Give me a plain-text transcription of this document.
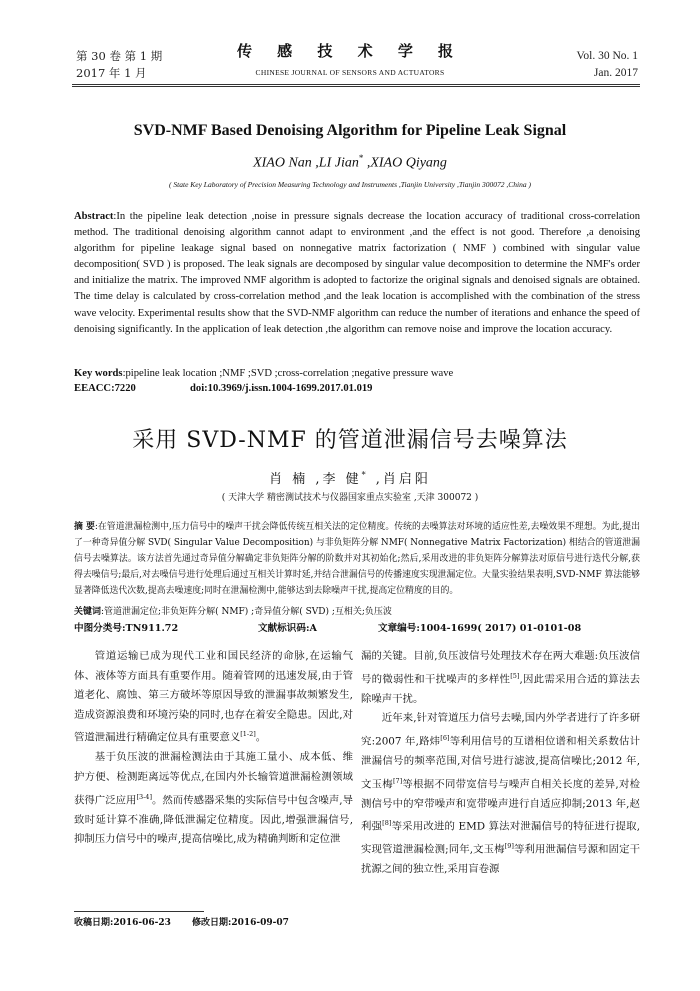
第 30 卷 第 1 期
2017 年 1 月
传 感 技 术 学 报
CHINESE JOURNAL OF SENSORS AND ACTUATORS
Vol. 30 No. 1
Jan. 2017
SVD-NMF Based Denoising Algorithm for Pipeline Leak Signal
XIAO Nan ,LI Jian* ,XIAO Qiyang
( State Key Laboratory of Precision Measuring Technology and Instruments ,Tianjin University ,Tianjin 300072 ,China )
Abstract:In the pipeline leak detection ,noise in pressure signals decrease the location accuracy of traditional cross-correlation method. The traditional denoising algorithm cannot adapt to environment ,and the effect is not good. Therefore ,a denoising algorithm for pipeline leakage signal based on nonnegative matrix factorization ( NMF ) combined with singular value decomposition( SVD ) is proposed. The leak signals are decomposed by singular value decomposition to determine the NMF's order and initialize the matrix. The improved NMF algorithm is adopted to factorize the original signals and denoised signals are obtained. The time delay is calculated by cross-correlation method ,and the leak location is accomplished with the combination of the stress wave velocity. Experimental results show that the SVD-NMF algorithm can reduce the number of iterations and enhance the speed of denoising significantly. In the application of leak detection ,the algorithm can remove noise and improve the location accuracy.
Key words:pipeline leak location ;NMF ;SVD ;cross-correlation ;negative pressure wave
EEACC:7220	doi:10.3969/j.issn.1004-1699.2017.01.019
采用 SVD-NMF 的管道泄漏信号去噪算法
肖 楠 ,李 健* ,肖启阳
( 天津大学 精密测试技术与仪器国家重点实验室 ,天津 300072 )
摘 要:在管道泄漏检测中,压力信号中的噪声干扰会降低传统互相关法的定位精度。传统的去噪算法对环境的适应性差,去噪效果不理想。为此,提出了一种奇异值分解 SVD( Singular Value Decomposition) 与非负矩阵分解 NMF( Nonnegative Matrix Factorization) 相结合的管道泄漏信号去噪算法。该方法首先通过奇异值分解确定非负矩阵分解的阶数并对其初始化;然后,采用改进的非负矩阵分解算法对原信号进行迭代分解,获得去噪信号;最后,对去噪信号进行处理后通过互相关计算时延,并结合泄漏信号的传播速度实现泄漏定位。大量实验结果表明,SVD-NMF 算法能够显著降低迭代次数,提高去噪速度;同时在泄漏检测中,能够达到去除噪声干扰,提高定位精度的目的。
关键词:管道泄漏定位;非负矩阵分解( NMF) ;奇异值分解( SVD) ;互相关;负压波
中图分类号:TN911.72	文献标识码:A	文章编号:1004-1699( 2017) 01-0101-08

管道运输已成为现代工业和国民经济的命脉,在运输气体、液体等方面具有重要作用。随着管网的迅速发展,由于管道老化、腐蚀、第三方破坏等原因导致的泄漏事故频繁发生,造成资源浪费和环境污染的同时,也存在着安全隐患。因此,对管道泄漏进行精确定位具有重要意义[1-2]。

基于负压波的泄漏检测法由于其施工量小、成本低、维护方便、检测距离远等优点,在国内外长输管道泄漏检测领域获得广泛应用[3-4]。然而传感器采集的实际信号中包含噪声,导致时延计算不准确,降低泄漏定位精度。因此,增强泄漏信号,抑制压力信号中的噪声,提高信噪比,成为精确判断和定位泄

漏的关键。目前,负压波信号处理技术存在两大难题:负压波信号的微弱性和干扰噪声的多样性[5],因此需采用合适的算法去除噪声干扰。

近年来,针对管道压力信号去噪,国内外学者进行了许多研究:2007 年,路炜[6]等利用信号的互谱相位谱和相关系数估计泄漏信号的频率范围,对信号进行滤波,提高信噪比;2012 年,文玉梅[7]等根据不同带宽信号与噪声自相关长度的差异,对检测信号中的窄带噪声和宽带噪声进行自适应抑制;2013 年,赵利强[8]等采用改进的 EMD 算法对泄漏信号的特征进行提取,实现管道泄漏检测;同年,文玉梅[9]等利用泄漏信号源和固定干扰源之间的独立性,采用盲卷源

收稿日期:2016-06-23 修改日期:2016-09-07
